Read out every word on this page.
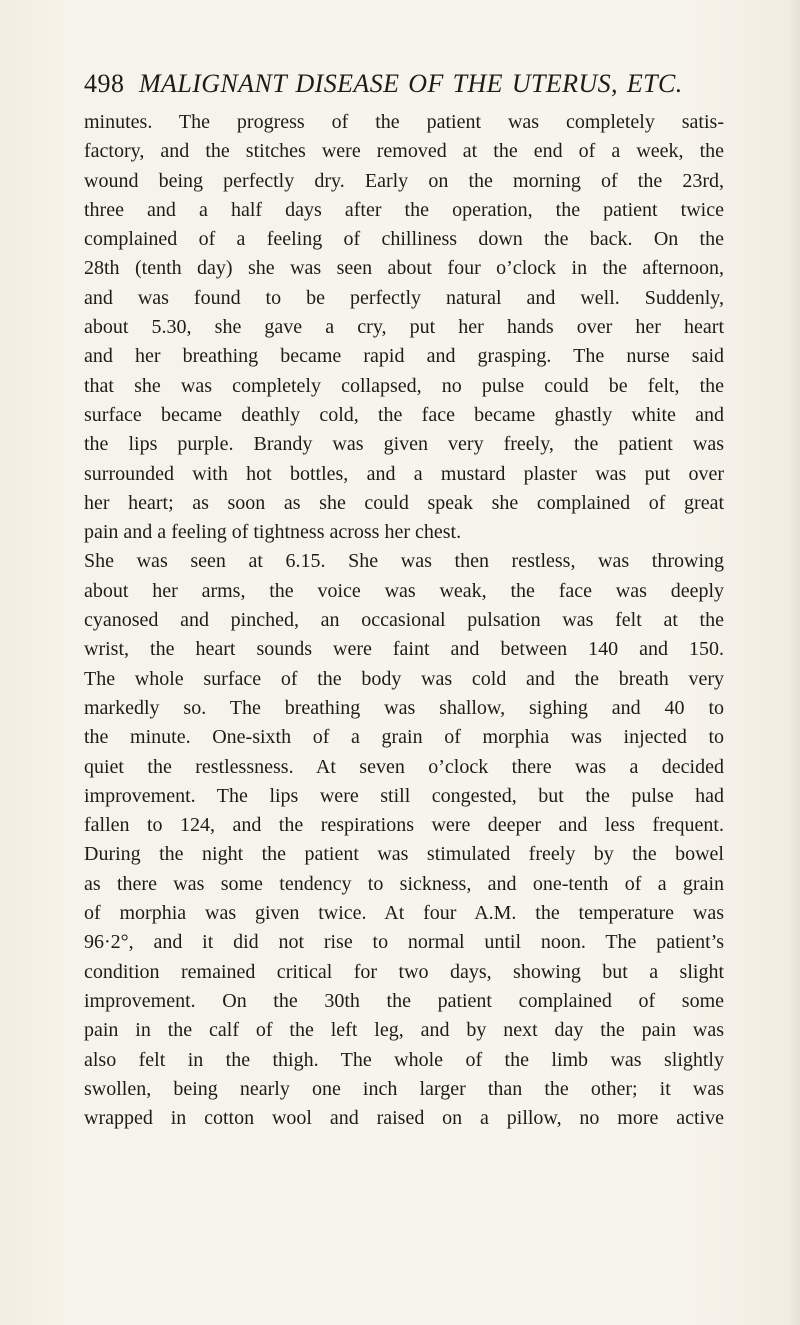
498 MALIGNANT DISEASE OF THE UTERUS, ETC.
minutes. The progress of the patient was completely satis-
factory, and the stitches were removed at the end of a week, the
wound being perfectly dry. Early on the morning of the 23rd,
three and a half days after the operation, the patient twice
complained of a feeling of chilliness down the back. On the
28th (tenth day) she was seen about four o’clock in the afternoon,
and was found to be perfectly natural and well. Suddenly,
about 5.30, she gave a cry, put her hands over her heart
and her breathing became rapid and grasping. The nurse said
that she was completely collapsed, no pulse could be felt, the
surface became deathly cold, the face became ghastly white and
the lips purple. Brandy was given very freely, the patient was
surrounded with hot bottles, and a mustard plaster was put over
her heart; as soon as she could speak she complained of great
pain and a feeling of tightness across her chest.
She was seen at 6.15. She was then restless, was throwing
about her arms, the voice was weak, the face was deeply
cyanosed and pinched, an occasional pulsation was felt at the
wrist, the heart sounds were faint and between 140 and 150.
The whole surface of the body was cold and the breath very
markedly so. The breathing was shallow, sighing and 40 to
the minute. One-sixth of a grain of morphia was injected to
quiet the restlessness. At seven o’clock there was a decided
improvement. The lips were still congested, but the pulse had
fallen to 124, and the respirations were deeper and less frequent.
During the night the patient was stimulated freely by the bowel
as there was some tendency to sickness, and one-tenth of a grain
of morphia was given twice. At four A.M. the temperature was
96·2°, and it did not rise to normal until noon. The patient’s
condition remained critical for two days, showing but a slight
improvement. On the 30th the patient complained of some
pain in the calf of the left leg, and by next day the pain was
also felt in the thigh. The whole of the limb was slightly
swollen, being nearly one inch larger than the other; it was
wrapped in cotton wool and raised on a pillow, no more active
